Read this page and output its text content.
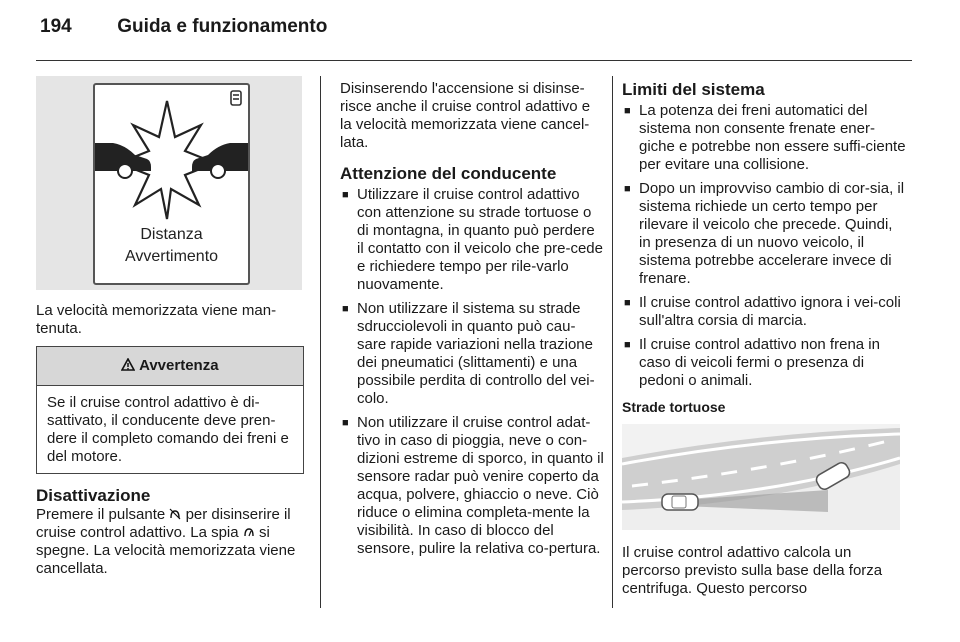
194 Guida e funzionamento
Distanza
Avvertimento

La velocità memorizzata viene man-tenuta.

Avvertenza
Se il cruise control adattivo è di-sattivato, il conducente deve pren-dere il completo comando dei freni e del motore.

Disattivazione

Premere il pulsante per disinserire il cruise control adattivo. La spia si spegne. La velocità memorizzata viene cancellata.

Disinserendo l'accensione si disinse-risce anche il cruise control adattivo e la velocità memorizzata viene cancel-lata.

Attenzione del conducente

■ Utilizzare il cruise control adattivo con attenzione su strade tortuose o di montagna, in quanto può perdere il contatto con il veicolo che pre-cede e richiedere tempo per rile-varlo nuovamente.
■ Non utilizzare il sistema su strade sdrucciolevoli in quanto può cau-sare rapide variazioni nella trazione dei pneumatici (slittamenti) e una possibile perdita di controllo del vei-colo.
■ Non utilizzare il cruise control adat-tivo in caso di pioggia, neve o con-dizioni estreme di sporco, in quanto il sensore radar può venire coperto da acqua, polvere, ghiaccio o neve. Ciò riduce o elimina completa-mente la visibilità. In caso di blocco del sensore, pulire la relativa co-pertura.

Limiti del sistema

■ La potenza dei freni automatici del sistema non consente frenate ener-giche e potrebbe non essere suffi-ciente per evitare una collisione.
■ Dopo un improvviso cambio di cor-sia, il sistema richiede un certo tempo per rilevare il veicolo che precede. Quindi, in presenza di un nuovo veicolo, il sistema potrebbe accelerare invece di frenare.
■ Il cruise control adattivo ignora i vei-coli sull'altra corsia di marcia.
■ Il cruise control adattivo non frena in caso di veicoli fermi o presenza di pedoni o animali.

Strade tortuose

Il cruise control adattivo calcola un percorso previsto sulla base della forza centrifuga. Questo percorso
